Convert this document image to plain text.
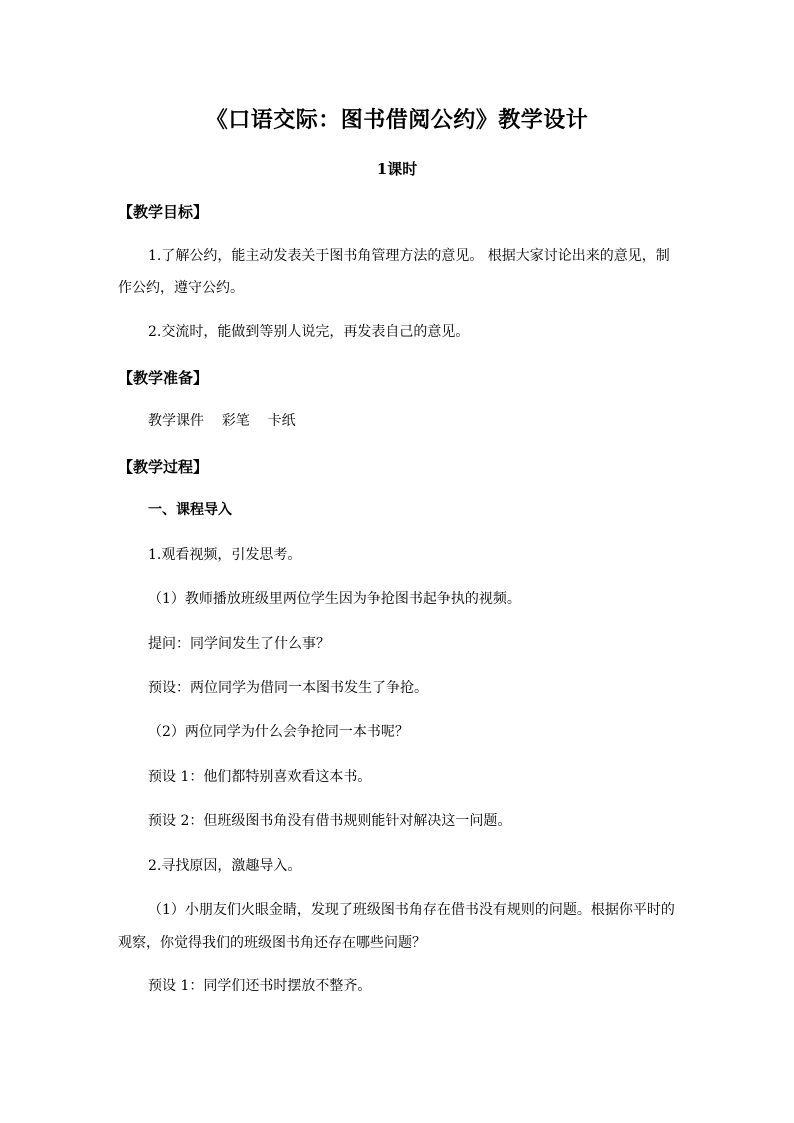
《口语交际：图书借阅公约》教学设计
1课时
【教学目标】
1.了解公约，能主动发表关于图书角管理方法的意见。 根据大家讨论出来的意见，制
作公约，遵守公约。
2.交流时，能做到等别人说完，再发表自己的意见。
【教学准备】
教学课件    彩笔    卡纸
【教学过程】
一、课程导入
1.观看视频，引发思考。
（1）教师播放班级里两位学生因为争抢图书起争执的视频。
提问：同学间发生了什么事？
预设：两位同学为借同一本图书发生了争抢。
（2）两位同学为什么会争抢同一本书呢？
预设 1：他们都特别喜欢看这本书。
预设 2：但班级图书角没有借书规则能针对解决这一问题。
2.寻找原因，激趣导入。
（1）小朋友们火眼金睛，发现了班级图书角存在借书没有规则的问题。根据你平时的
观察，你觉得我们的班级图书角还存在哪些问题？
预设 1：同学们还书时摆放不整齐。
